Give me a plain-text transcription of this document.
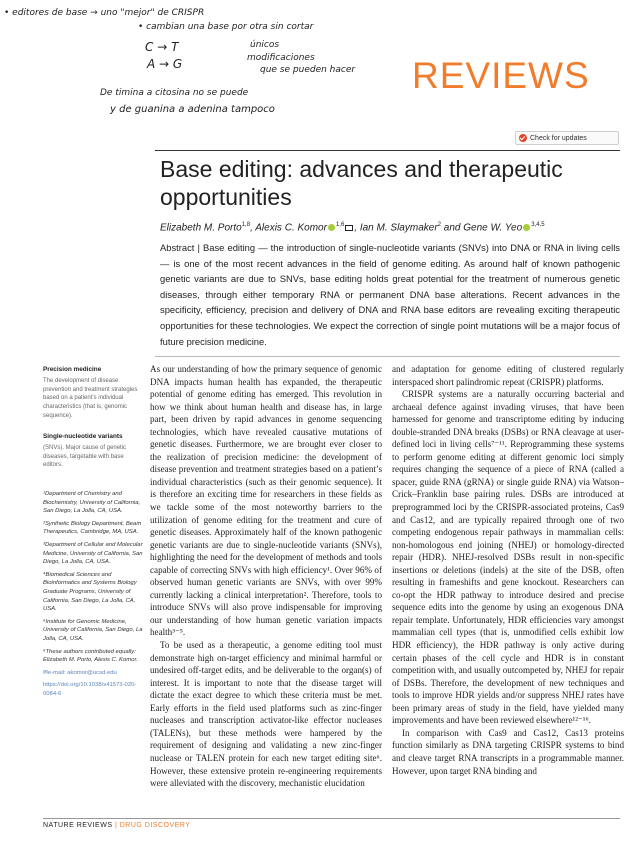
• editores de base → uno "mejor" de CRISPR
• cambian una base por otra sin cortar
C → T
A → G
únicos
modificaciones
que se pueden hacer
De timina a citosina no se puede
y de guanina a adenina tampoco
REVIEWS
Check for updates
Base editing: advances and therapeutic opportunities
Elizabeth M. Porto$^{1,8}$, Alexis C. Komor $^{1,6}$ , Ian M. Slaymaker$^2$ and Gene W. Yeo $^{3,4,5}$
Abstract | Base editing — the introduction of single-nucleotide variants (SNVs) into DNA or RNA in living cells — is one of the most recent advances in the field of genome editing. As around half of known pathogenic genetic variants are due to SNVs, base editing holds great potential for the treatment of numerous genetic diseases, through either temporary RNA or permanent DNA base alterations. Recent advances in the specificity, efficiency, precision and delivery of DNA and RNA base editors are revealing exciting therapeutic opportunities for these technologies. We expect the correction of single point mutations will be a major focus of future precision medicine.
Precision medicine
The development of disease prevention and treatment strategies based on a patient’s individual characteristics (that is, genomic sequence).
Single-nucleotide variants
(SNVs). Major cause of genetic diseases, targetable with base editors.

¹Department of Chemistry and Biochemistry, University of California, San Diego, La Jolla, CA, USA.

²Synthetic Biology Department, Beam Therapeutics, Cambridge, MA, USA.

³Department of Cellular and Molecular Medicine, University of California, San Diego, La Jolla, CA, USA.

⁴Biomedical Sciences and Bioinformatics and Systems Biology Graduate Programs, University of California, San Diego, La Jolla, CA, USA.

⁵Institute for Genomic Medicine, University of California, San Diego, La Jolla, CA, USA.

⁶These authors contributed equally: Elizabeth M. Porto, Alexis C. Komor.

✉e-mail: akomor@ucsd.edu

https://doi.org/10.1038/s41573-020-0084-6

As our understanding of how the primary sequence of genomic DNA impacts human health has expanded, the therapeutic potential of genome editing has emerged. This revolution in how we think about human health and disease has, in large part, been driven by rapid advances in genome sequencing technologies, which have revealed causative mutations of genetic diseases. Furthermore, we are brought ever closer to the realization of precision medicine: the development of disease prevention and treatment strategies based on a patient’s individual characteristics (such as their genomic sequence). It is therefore an exciting time for researchers in these fields as we tackle some of the most noteworthy barriers to the utilization of genome editing for the treatment and cure of genetic diseases. Approximately half of the known pathogenic genetic variants are due to single-nucleotide variants (SNVs), highlighting the need for the development of methods and tools capable of correcting SNVs with high efficiency¹. Over 96% of observed human genetic variants are SNVs, with over 99% currently lacking a clinical interpretation². Therefore, tools to introduce SNVs will also prove indispensable for improving our understanding of how human genetic variation impacts health³⁻⁵.

To be used as a therapeutic, a genome editing tool must demonstrate high on-target efficiency and minimal harmful or undesired off-target edits, and be deliverable to the organ(s) of interest. It is important to note that the disease target will dictate the exact degree to which these criteria must be met. Early efforts in the field used platforms such as zinc-finger nucleases and transcription activator-like effector nucleases (TALENs), but these methods were hampered by the requirement of designing and validating a new zinc-finger nuclease or TALEN protein for each new target editing site⁶. However, these extensive protein re-engineering requirements were alleviated with the discovery, mechanistic elucidation

and adaptation for genome editing of clustered regularly interspaced short palindromic repeat (CRISPR) platforms.

CRISPR systems are a naturally occurring bacterial and archaeal defence against invading viruses, that have been harnessed for genome and transcriptome editing by inducing double-stranded DNA breaks (DSBs) or RNA cleavage at user-defined loci in living cells⁷⁻¹¹. Reprogramming these systems to perform genome editing at different genomic loci simply requires changing the sequence of a piece of RNA (called a spacer, guide RNA (gRNA) or single guide RNA) via Watson–Crick–Franklin base pairing rules. DSBs are introduced at preprogrammed loci by the CRISPR-associated proteins, Cas9 and Cas12, and are typically repaired through one of two competing endogenous repair pathways in mammalian cells: non-homologous end joining (NHEJ) or homology-directed repair (HDR). NHEJ-resolved DSBs result in non-specific insertions or deletions (indels) at the site of the DSB, often resulting in frameshifts and gene knockout. Researchers can co-opt the HDR pathway to introduce desired and precise sequence edits into the genome by using an exogenous DNA repair template. Unfortunately, HDR efficiencies vary amongst mammalian cell types (that is, unmodified cells exhibit low HDR efficiency), the HDR pathway is only active during certain phases of the cell cycle and HDR is in constant competition with, and usually outcompeted by, NHEJ for repair of DSBs. Therefore, the development of new techniques and tools to improve HDR yields and/or suppress NHEJ rates have been primary areas of study in the field, have yielded many improvements and have been reviewed elsewhere¹²⁻¹⁶.

In comparison with Cas9 and Cas12, Cas13 proteins function similarly as DNA targeting CRISPR systems to bind and cleave target RNA transcripts in a programmable manner. However, upon target RNA binding and

NATURE REVIEWS | DRUG DISCOVERY
